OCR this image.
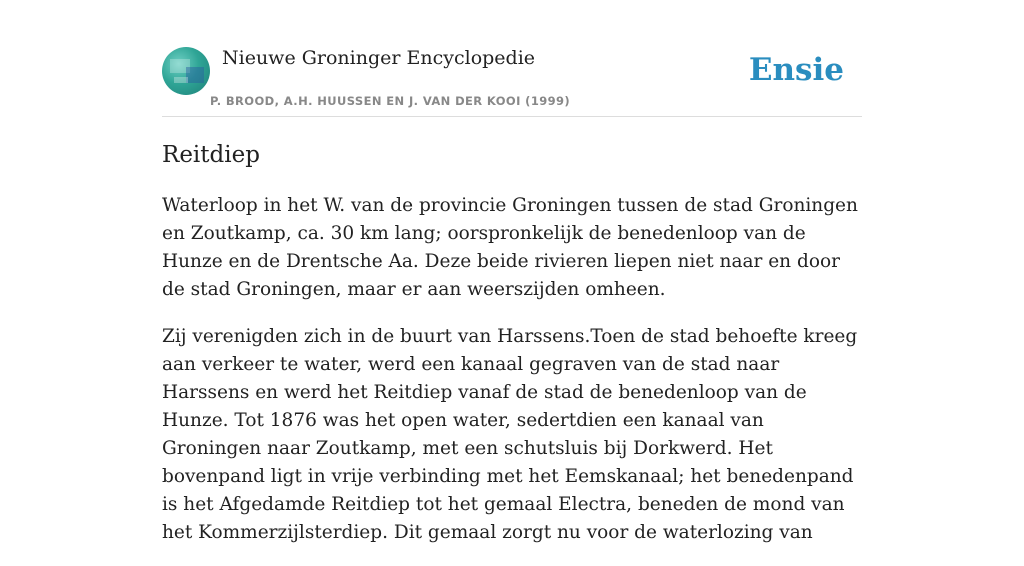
Nieuwe Groninger Encyclopedie
P. BROOD, A.H. HUUSSEN EN J. VAN DER KOOI (1999)
Ensie
Reitdiep

Waterloop in het W. van de provincie Groningen tussen de stad Groningen en Zoutkamp, ca. 30 km lang; oorspronkelijk de benedenloop van de Hunze en de Drentsche Aa. Deze beide rivieren liepen niet naar en door de stad Groningen, maar er aan weerszijden omheen.

Zij verenigden zich in de buurt van Harssens.Toen de stad behoefte kreeg aan verkeer te water, werd een kanaal gegraven van de stad naar Harssens en werd het Reitdiep vanaf de stad de benedenloop van de Hunze. Tot 1876 was het open water, sedertdien een kanaal van Groningen naar Zoutkamp, met een schutsluis bij Dorkwerd. Het bovenpand ligt in vrije verbinding met het Eemskanaal; het benedenpand is het Afgedamde Reitdiep tot het gemaal Electra, beneden de mond van het Kommerzijlsterdiep. Dit gemaal zorgt nu voor de waterlozing van
